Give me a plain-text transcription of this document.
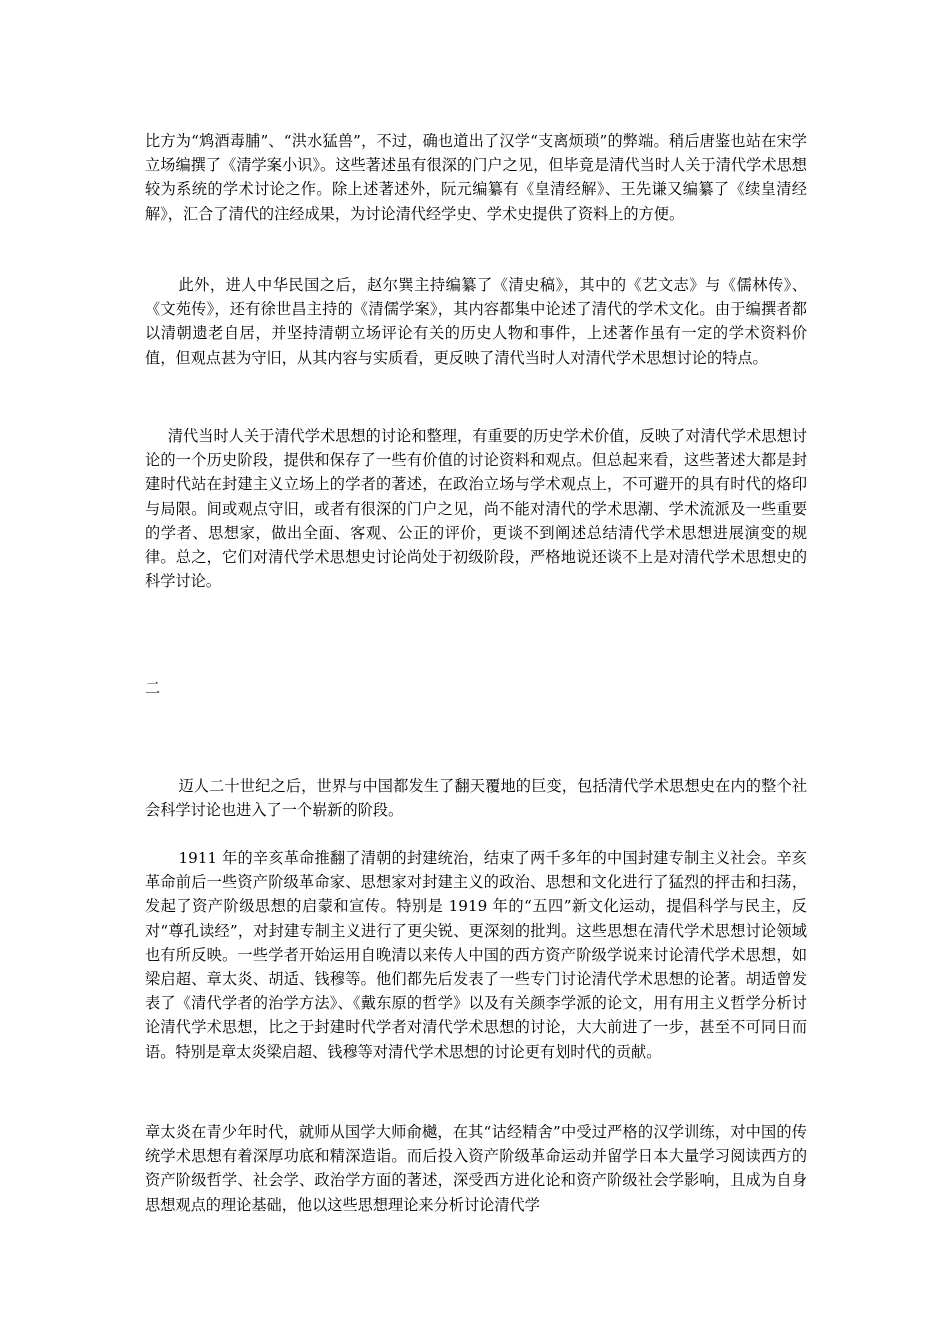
比方为“鸩酒毒脯”、“洪水猛兽”，不过，确也道出了汉学“支离烦琐”的弊端。稍后唐鉴也站在宋学立场编撰了《清学案小识》。这些著述虽有很深的门户之见，但毕竟是清代当时人关于清代学术思想较为系统的学术讨论之作。除上述著述外，阮元编纂有《皇清经解》、王先谦又编纂了《续皇清经解》，汇合了清代的注经成果，为讨论清代经学史、学术史提供了资料上的方便。

此外，进人中华民国之后，赵尔巽主持编纂了《清史稿》，其中的《艺文志》与《儒林传》、《文苑传》，还有徐世昌主持的《清儒学案》，其内容都集中论述了清代的学术文化。由于编撰者都以清朝遗老自居，并坚持清朝立场评论有关的历史人物和事件，上述著作虽有一定的学术资料价值，但观点甚为守旧，从其内容与实质看，更反映了清代当时人对清代学术思想讨论的特点。

清代当时人关于清代学术思想的讨论和整理，有重要的历史学术价值，反映了对清代学术思想讨论的一个历史阶段，提供和保存了一些有价值的讨论资料和观点。但总起来看，这些著述大都是封建时代站在封建主义立场上的学者的著述，在政治立场与学术观点上，不可避开的具有时代的烙印与局限。间或观点守旧，或者有很深的门户之见，尚不能对清代的学术思潮、学术流派及一些重要的学者、思想家，做出全面、客观、公正的评价，更谈不到阐述总结清代学术思想进展演变的规律。总之，它们对清代学术思想史讨论尚处于初级阶段，严格地说还谈不上是对清代学术思想史的科学讨论。

二

迈人二十世纪之后，世界与中国都发生了翻天覆地的巨变，包括清代学术思想史在内的整个社会科学讨论也进入了一个崭新的阶段。

1911 年的辛亥革命推翻了清朝的封建统治，结束了两千多年的中国封建专制主义社会。辛亥革命前后一些资产阶级革命家、思想家对封建主义的政治、思想和文化进行了猛烈的抨击和扫荡，发起了资产阶级思想的启蒙和宣传。特别是 1919 年的“五四”新文化运动，提倡科学与民主，反对“尊孔读经”，对封建专制主义进行了更尖锐、更深刻的批判。这些思想在清代学术思想讨论领域也有所反映。一些学者开始运用自晚清以来传人中国的西方资产阶级学说来讨论清代学术思想，如梁启超、章太炎、胡适、钱穆等。他们都先后发表了一些专门讨论清代学术思想的论著。胡适曾发表了《清代学者的治学方法》、《戴东原的哲学》以及有关颜李学派的论文，用有用主义哲学分析讨论清代学术思想，比之于封建时代学者对清代学术思想的讨论，大大前进了一步，甚至不可同日而语。特别是章太炎梁启超、钱穆等对清代学术思想的讨论更有划时代的贡献。

章太炎在青少年时代，就师从国学大师俞樾，在其“诂经精舍”中受过严格的汉学训练，对中国的传统学术思想有着深厚功底和精深造诣。而后投入资产阶级革命运动并留学日本大量学习阅读西方的资产阶级哲学、社会学、政治学方面的著述，深受西方进化论和资产阶级社会学影响，且成为自身思想观点的理论基础，他以这些思想理论来分析讨论清代学
